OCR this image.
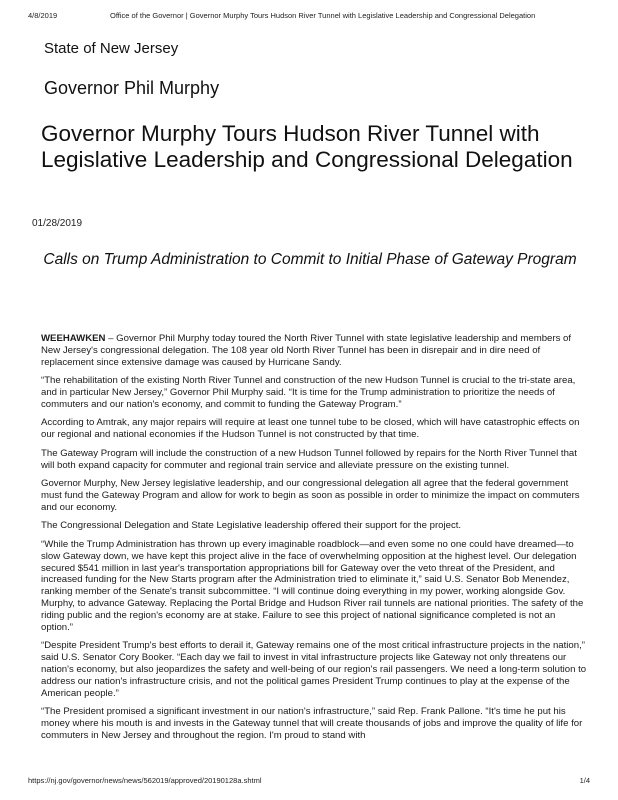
4/8/2019	Office of the Governor | Governor Murphy Tours Hudson River Tunnel with Legislative Leadership and Congressional Delegation
State of New Jersey
Governor Phil Murphy
Governor Murphy Tours Hudson River Tunnel with Legislative Leadership and Congressional Delegation
01/28/2019
Calls on Trump Administration to Commit to Initial Phase of Gateway Program

WEEHAWKEN – Governor Phil Murphy today toured the North River Tunnel with state legislative leadership and members of New Jersey's congressional delegation. The 108 year old North River Tunnel has been in disrepair and in dire need of replacement since extensive damage was caused by Hurricane Sandy.

“The rehabilitation of the existing North River Tunnel and construction of the new Hudson Tunnel is crucial to the tri-state area, and in particular New Jersey,” Governor Phil Murphy said. “It is time for the Trump administration to prioritize the needs of commuters and our nation's economy, and commit to funding the Gateway Program.”

According to Amtrak, any major repairs will require at least one tunnel tube to be closed, which will have catastrophic effects on our regional and national economies if the Hudson Tunnel is not constructed by that time.

The Gateway Program will include the construction of a new Hudson Tunnel followed by repairs for the North River Tunnel that will both expand capacity for commuter and regional train service and alleviate pressure on the existing tunnel.

Governor Murphy, New Jersey legislative leadership, and our congressional delegation all agree that the federal government must fund the Gateway Program and allow for work to begin as soon as possible in order to minimize the impact on commuters and our economy.

The Congressional Delegation and State Legislative leadership offered their support for the project.

“While the Trump Administration has thrown up every imaginable roadblock—and even some no one could have dreamed—to slow Gateway down, we have kept this project alive in the face of overwhelming opposition at the highest level. Our delegation secured $541 million in last year's transportation appropriations bill for Gateway over the veto threat of the President, and increased funding for the New Starts program after the Administration tried to eliminate it,” said U.S. Senator Bob Menendez, ranking member of the Senate's transit subcommittee. “I will continue doing everything in my power, working alongside Gov. Murphy, to advance Gateway. Replacing the Portal Bridge and Hudson River rail tunnels are national priorities. The safety of the riding public and the region's economy are at stake. Failure to see this project of national significance completed is not an option.”

“Despite President Trump's best efforts to derail it, Gateway remains one of the most critical infrastructure projects in the nation,” said U.S. Senator Cory Booker. “Each day we fail to invest in vital infrastructure projects like Gateway not only threatens our nation's economy, but also jeopardizes the safety and well-being of our region's rail passengers. We need a long-term solution to address our nation's infrastructure crisis, and not the political games President Trump continues to play at the expense of the American people.”

“The President promised a significant investment in our nation's infrastructure,” said Rep. Frank Pallone. “It's time he put his money where his mouth is and invests in the Gateway tunnel that will create thousands of jobs and improve the quality of life for commuters in New Jersey and throughout the region. I'm proud to stand with

https://nj.gov/governor/news/news/562019/approved/20190128a.shtml	1/4
